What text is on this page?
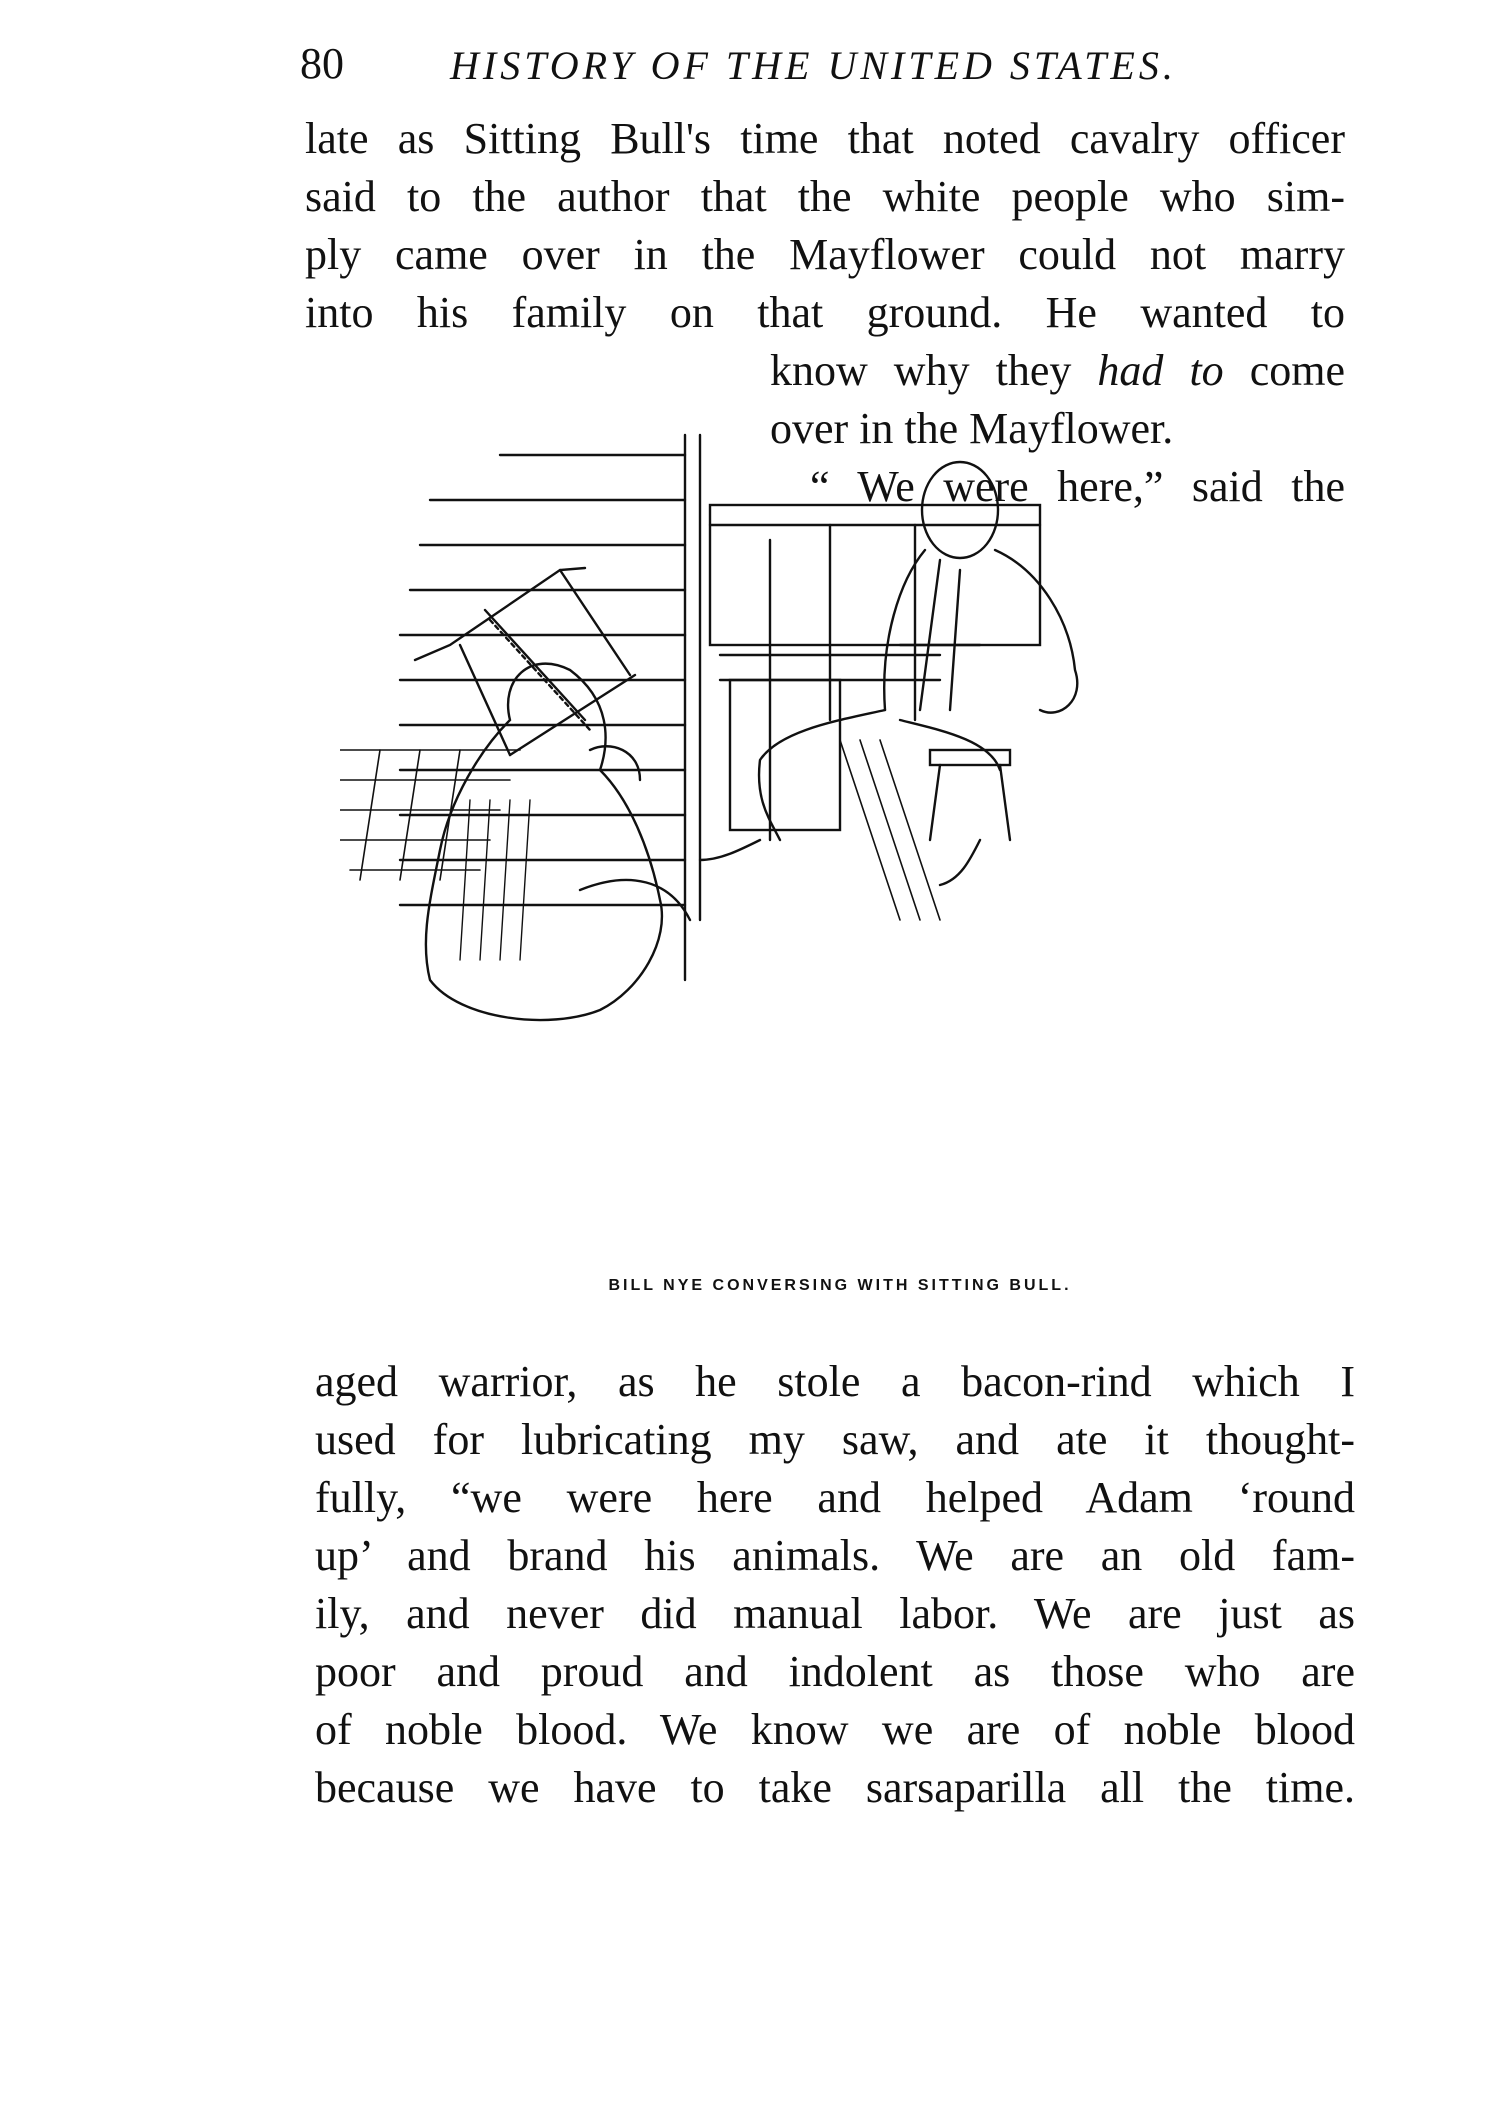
80	HISTORY OF THE UNITED STATES.
late as Sitting Bull's time that noted cavalry officer
said to the author that the white people who sim-
ply came over in the Mayflower could not marry
into his family on that ground. He wanted to
know why they had to come
over in the Mayflower.
“ We were here,” said the
BILL NYE CONVERSING WITH SITTING BULL.
aged warrior, as he stole a bacon-rind which I
used for lubricating my saw, and ate it thought-
fully, “we were here and helped Adam ‘round
up’ and brand his animals. We are an old fam-
ily, and never did manual labor. We are just as
poor and proud and indolent as those who are
of noble blood. We know we are of noble blood
because we have to take sarsaparilla all the time.
